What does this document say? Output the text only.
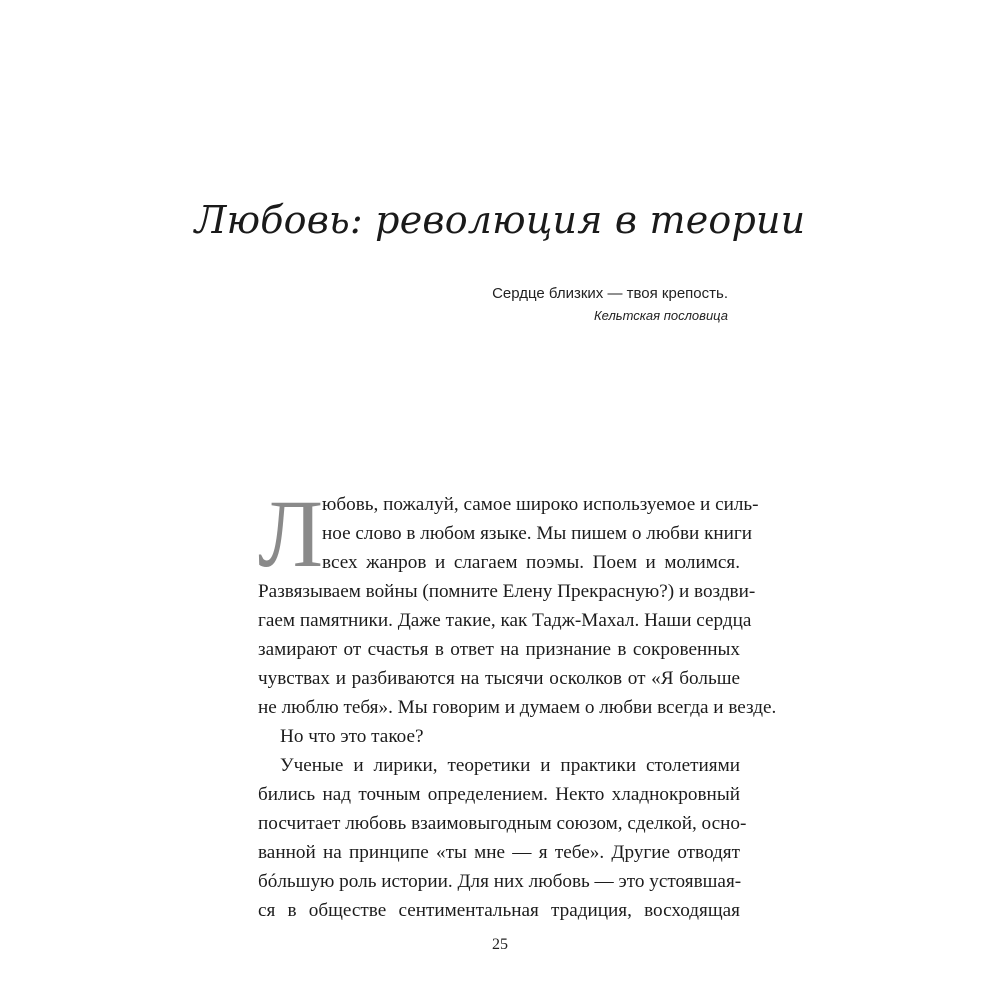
Любовь: революция в теории
Сердце близких — твоя крепость.
Кельтская пословица
Л
юбовь, пожалуй, самое широко используемое и силь-
ное слово в любом языке. Мы пишем о любви книги
всех жанров и слагаем поэмы. Поем и молимся.
Развязываем войны (помните Елену Прекрасную?) и воздви-
гаем памятники. Даже такие, как Тадж-Махал. Наши сердца
замирают от счастья в ответ на признание в сокровенных
чувствах и разбиваются на тысячи осколков от «Я больше
не люблю тебя». Мы говорим и думаем о любви всегда и везде.
Но что это такое?
Ученые и лирики, теоретики и практики столетиями
бились над точным определением. Некто хладнокровный
посчитает любовь взаимовыгодным союзом, сделкой, осно-
ванной на принципе «ты мне — я тебе». Другие отводят
бóльшую роль истории. Для них любовь — это устоявшая-
ся в обществе сентиментальная традиция, восходящая
25
